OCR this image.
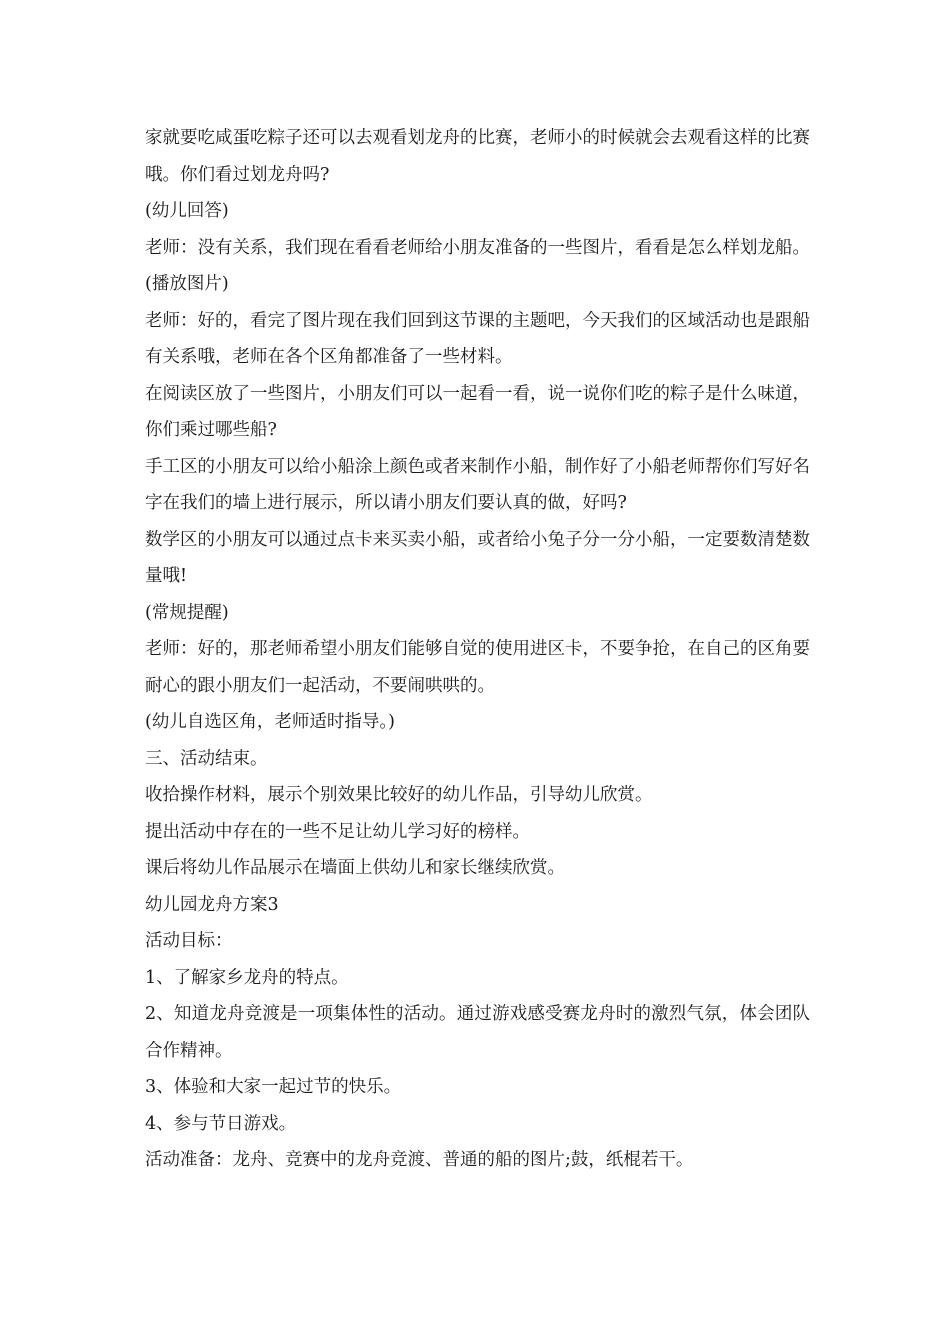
家就要吃咸蛋吃粽子还可以去观看划龙舟的比赛，老师小的时候就会去观看这样的比赛哦。你们看过划龙舟吗?

(幼儿回答)

老师：没有关系，我们现在看看老师给小朋友准备的一些图片，看看是怎么样划龙船。

(播放图片)

老师：好的，看完了图片现在我们回到这节课的主题吧，今天我们的区域活动也是跟船有关系哦，老师在各个区角都准备了一些材料。

在阅读区放了一些图片，小朋友们可以一起看一看，说一说你们吃的粽子是什么味道，你们乘过哪些船?

手工区的小朋友可以给小船涂上颜色或者来制作小船，制作好了小船老师帮你们写好名字在我们的墙上进行展示，所以请小朋友们要认真的做，好吗?

数学区的小朋友可以通过点卡来买卖小船，或者给小兔子分一分小船，一定要数清楚数量哦!

(常规提醒)

老师：好的，那老师希望小朋友们能够自觉的使用进区卡，不要争抢，在自己的区角要耐心的跟小朋友们一起活动，不要闹哄哄的。

(幼儿自选区角，老师适时指导。)

三、活动结束。

收拾操作材料，展示个别效果比较好的幼儿作品，引导幼儿欣赏。

提出活动中存在的一些不足让幼儿学习好的榜样。

课后将幼儿作品展示在墙面上供幼儿和家长继续欣赏。

幼儿园龙舟方案3

活动目标：

1、了解家乡龙舟的特点。

2、知道龙舟竞渡是一项集体性的活动。通过游戏感受赛龙舟时的激烈气氛，体会团队合作精神。

3、体验和大家一起过节的快乐。

4、参与节日游戏。

活动准备：龙舟、竞赛中的龙舟竞渡、普通的船的图片;鼓，纸棍若干。
